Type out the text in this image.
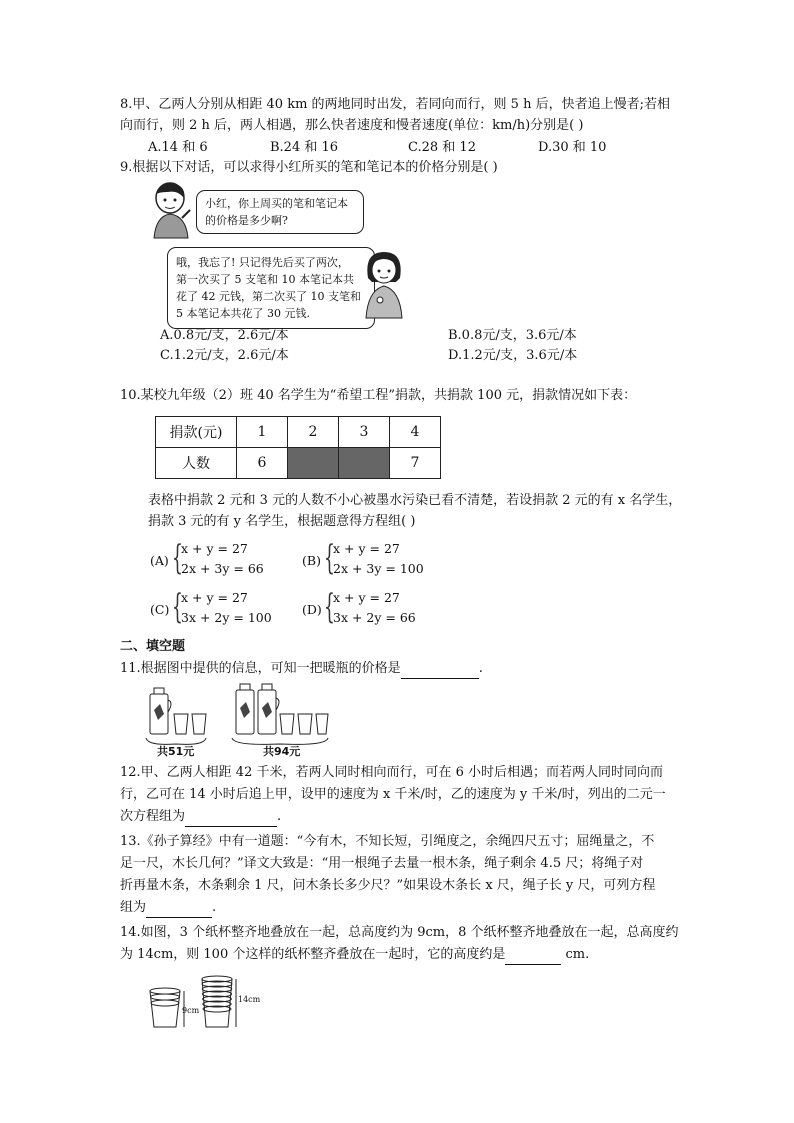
8.甲、乙两人分别从相距 40 km 的两地同时出发，若同向而行，则 5 h 后，快者追上慢者;若相
向而行，则 2 h 后，两人相遇，那么快者速度和慢者速度(单位：km/h)分别是( )
A.14 和 6	B.24 和 16	C.28 和 12	D.30 和 10
9.根据以下对话，可以求得小红所买的笔和笔记本的价格分别是( )
小红，你上周买的笔和笔记本
的价格是多少啊?
哦，我忘了! 只记得先后买了两次，
第一次买了 5 支笔和 10 本笔记本共
花了 42 元钱，第二次买了 10 支笔和
5 本笔记本共花了 30 元钱.
A.0.8元/支，2.6元/本	B.0.8元/支，3.6元/本
C.1.2元/支，2.6元/本	D.1.2元/支，3.6元/本
10.某校九年级（2）班 40 名学生为“希望工程”捐款，共捐款 100 元，捐款情况如下表：
捐款(元)	1	2	3	4
人数	6			7
表格中捐款 2 元和 3 元的人数不小心被墨水污染已看不清楚，若设捐款 2 元的有 x 名学生，
捐款 3 元的有 y 名学生，根据题意得方程组( )
(A) {
x + y = 27
2x + 3y = 66
(B) {
x + y = 27
2x + 3y = 100
(C) {
x + y = 27
3x + 2y = 100
(D) {
x + y = 27
3x + 2y = 66
二、填空题
11.根据图中提供的信息，可知一把暖瓶的价格是	.
共51元	共94元
12.甲、乙两人相距 42 千米，若两人同时相向而行，可在 6 小时后相遇；而若两人同时同向而
行，乙可在 14 小时后追上甲，设甲的速度为 x 千米/时，乙的速度为 y 千米/时，列出的二元一
次方程组为	.
13.《孙子算经》中有一道题：“今有木，不知长短，引绳度之，余绳四尺五寸；屈绳量之，不
足一尺，木长几何？”译文大致是：“用一根绳子去量一根木条，绳子剩余 4.5 尺；将绳子对
折再量木条，木条剩余 1 尺，问木条长多少尺？”如果设木条长 x 尺，绳子长 y 尺，可列方程
组为	.
14.如图，3 个纸杯整齐地叠放在一起，总高度约为 9cm，8 个纸杯整齐地叠放在一起，总高度约
为 14cm，则 100 个这样的纸杯整齐叠放在一起时，它的高度约是	cm.
9cm
14cm
